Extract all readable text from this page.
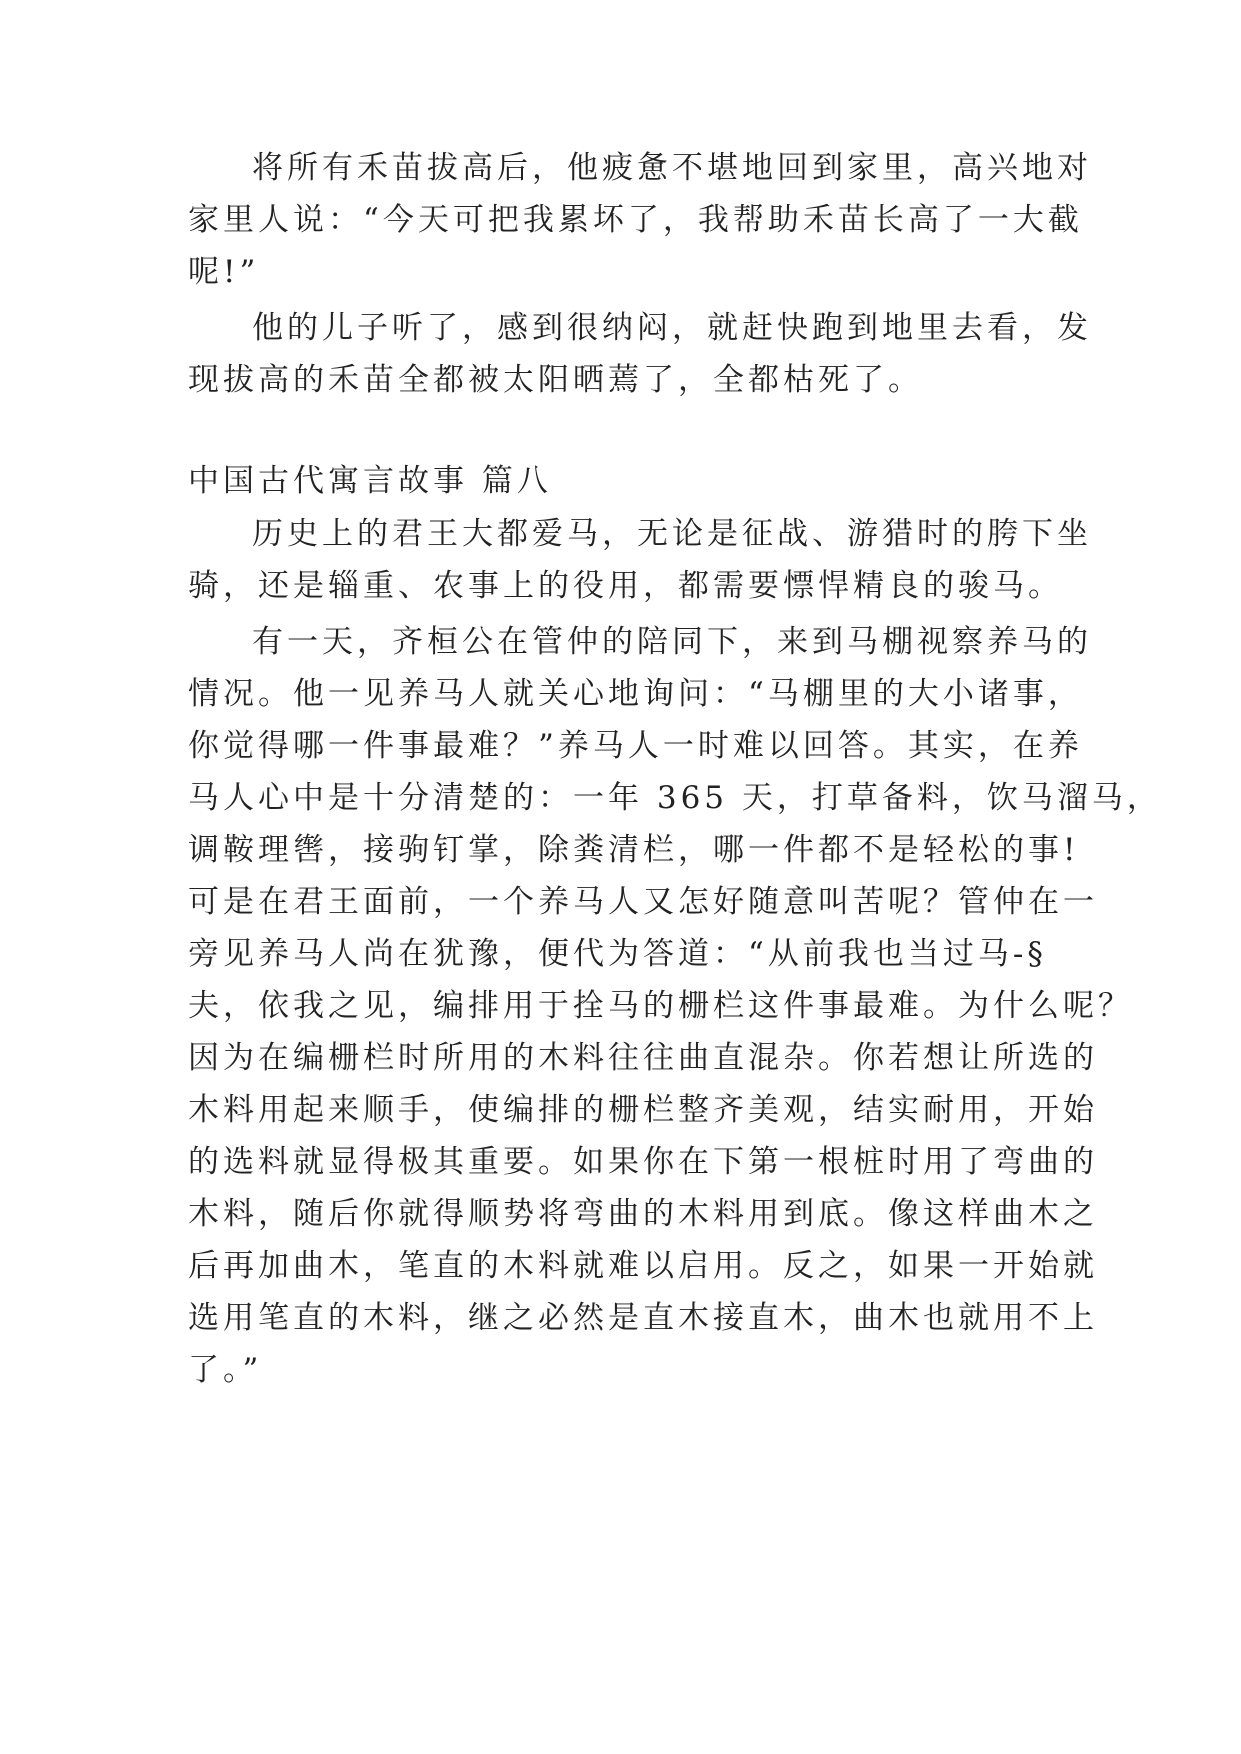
将所有禾苗拔高后，他疲惫不堪地回到家里，高兴地对
家里人说：“今天可把我累坏了，我帮助禾苗长高了一大截
呢!”
他的儿子听了，感到很纳闷，就赶快跑到地里去看，发
现拔高的禾苗全都被太阳晒蔫了，全都枯死了。
中国古代寓言故事 篇八
历史上的君王大都爱马，无论是征战、游猎时的胯下坐
骑，还是辎重、农事上的役用，都需要慓悍精良的骏马。
有一天，齐桓公在管仲的陪同下，来到马棚视察养马的
情况。他一见养马人就关心地询问：“马棚里的大小诸事，
你觉得哪一件事最难？”养马人一时难以回答。其实，在养
马人心中是十分清楚的：一年 365 天，打草备料，饮马溜马，
调鞍理辔，接驹钉掌，除粪清栏，哪一件都不是轻松的事!
可是在君王面前，一个养马人又怎好随意叫苦呢？管仲在一
旁见养马人尚在犹豫，便代为答道：“从前我也当过马-§
夫，依我之见，编排用于拴马的栅栏这件事最难。为什么呢？
因为在编栅栏时所用的木料往往曲直混杂。你若想让所选的
木料用起来顺手，使编排的栅栏整齐美观，结实耐用，开始
的选料就显得极其重要。如果你在下第一根桩时用了弯曲的
木料，随后你就得顺势将弯曲的木料用到底。像这样曲木之
后再加曲木，笔直的木料就难以启用。反之，如果一开始就
选用笔直的木料，继之必然是直木接直木，曲木也就用不上
了。”
